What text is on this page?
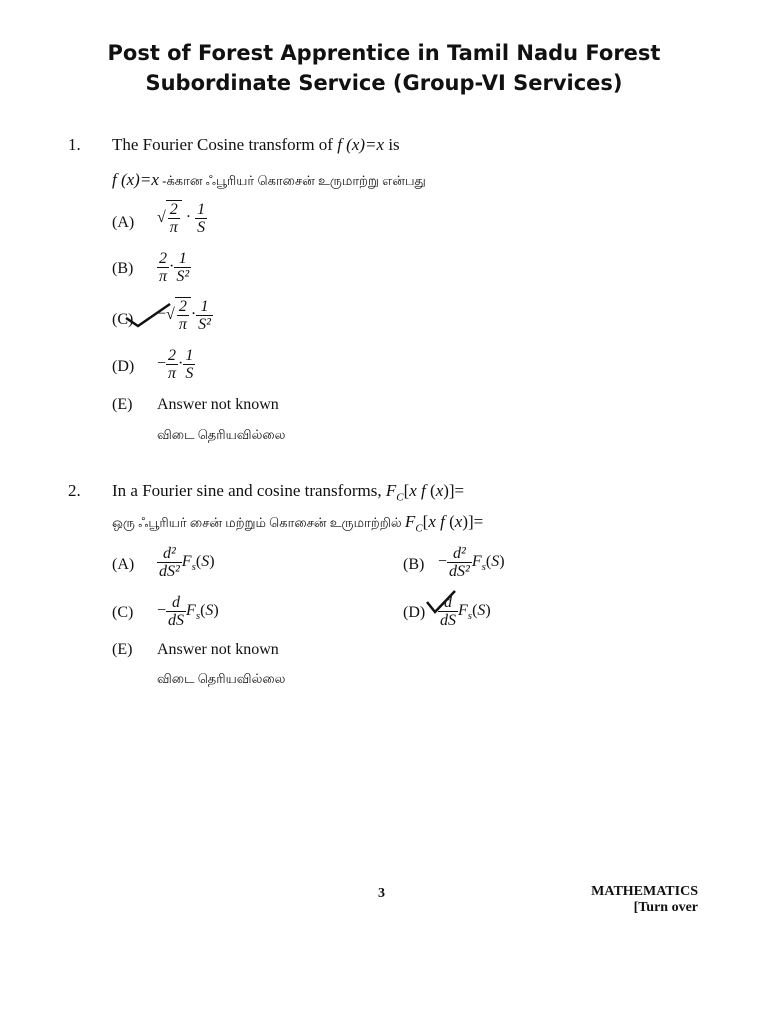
Post of Forest Apprentice in Tamil Nadu Forest
Subordinate Service (Group-VI Services)
1. The Fourier Cosine transform of f (x)=x is
f (x)=x -க்கான ஃபூரியர் கொசைன் உருமாற்று என்பது
(A) √ $\frac{2}{\pi} \cdot \frac{1}{S}$
$(B) \frac{2}{\pi} \cdot \frac{1}{\text{S²}}$
(C) −√ $\frac{2}{\pi} \cdot \frac{1}{\text{S²}}$
$(D) - \frac{2}{\pi} \cdot \frac{1}{S}$
(E) Answer not known
விடை தெரியவில்லை
2. In a Fourier sine and cosine transforms, $F_C[x$ f (x)]=
ஒரு ஃபூரியர் சைன் மற்றும் கொசைன் உருமாற்றில் $F_C[x$ f (x)]=
$(A) \frac{\text{d²}}{\text{dS²}} F_s(S)$	$(B) - \frac{\text{d²}}{\text{dS²}} F_s(S)$
$(C) - \frac{d}{dS} F_s(S)$	$(D) \frac{d}{dS} F_s(S)$
(E) Answer not known
விடை தெரியவில்லை
3	MATHEMATICS
[Turn over
